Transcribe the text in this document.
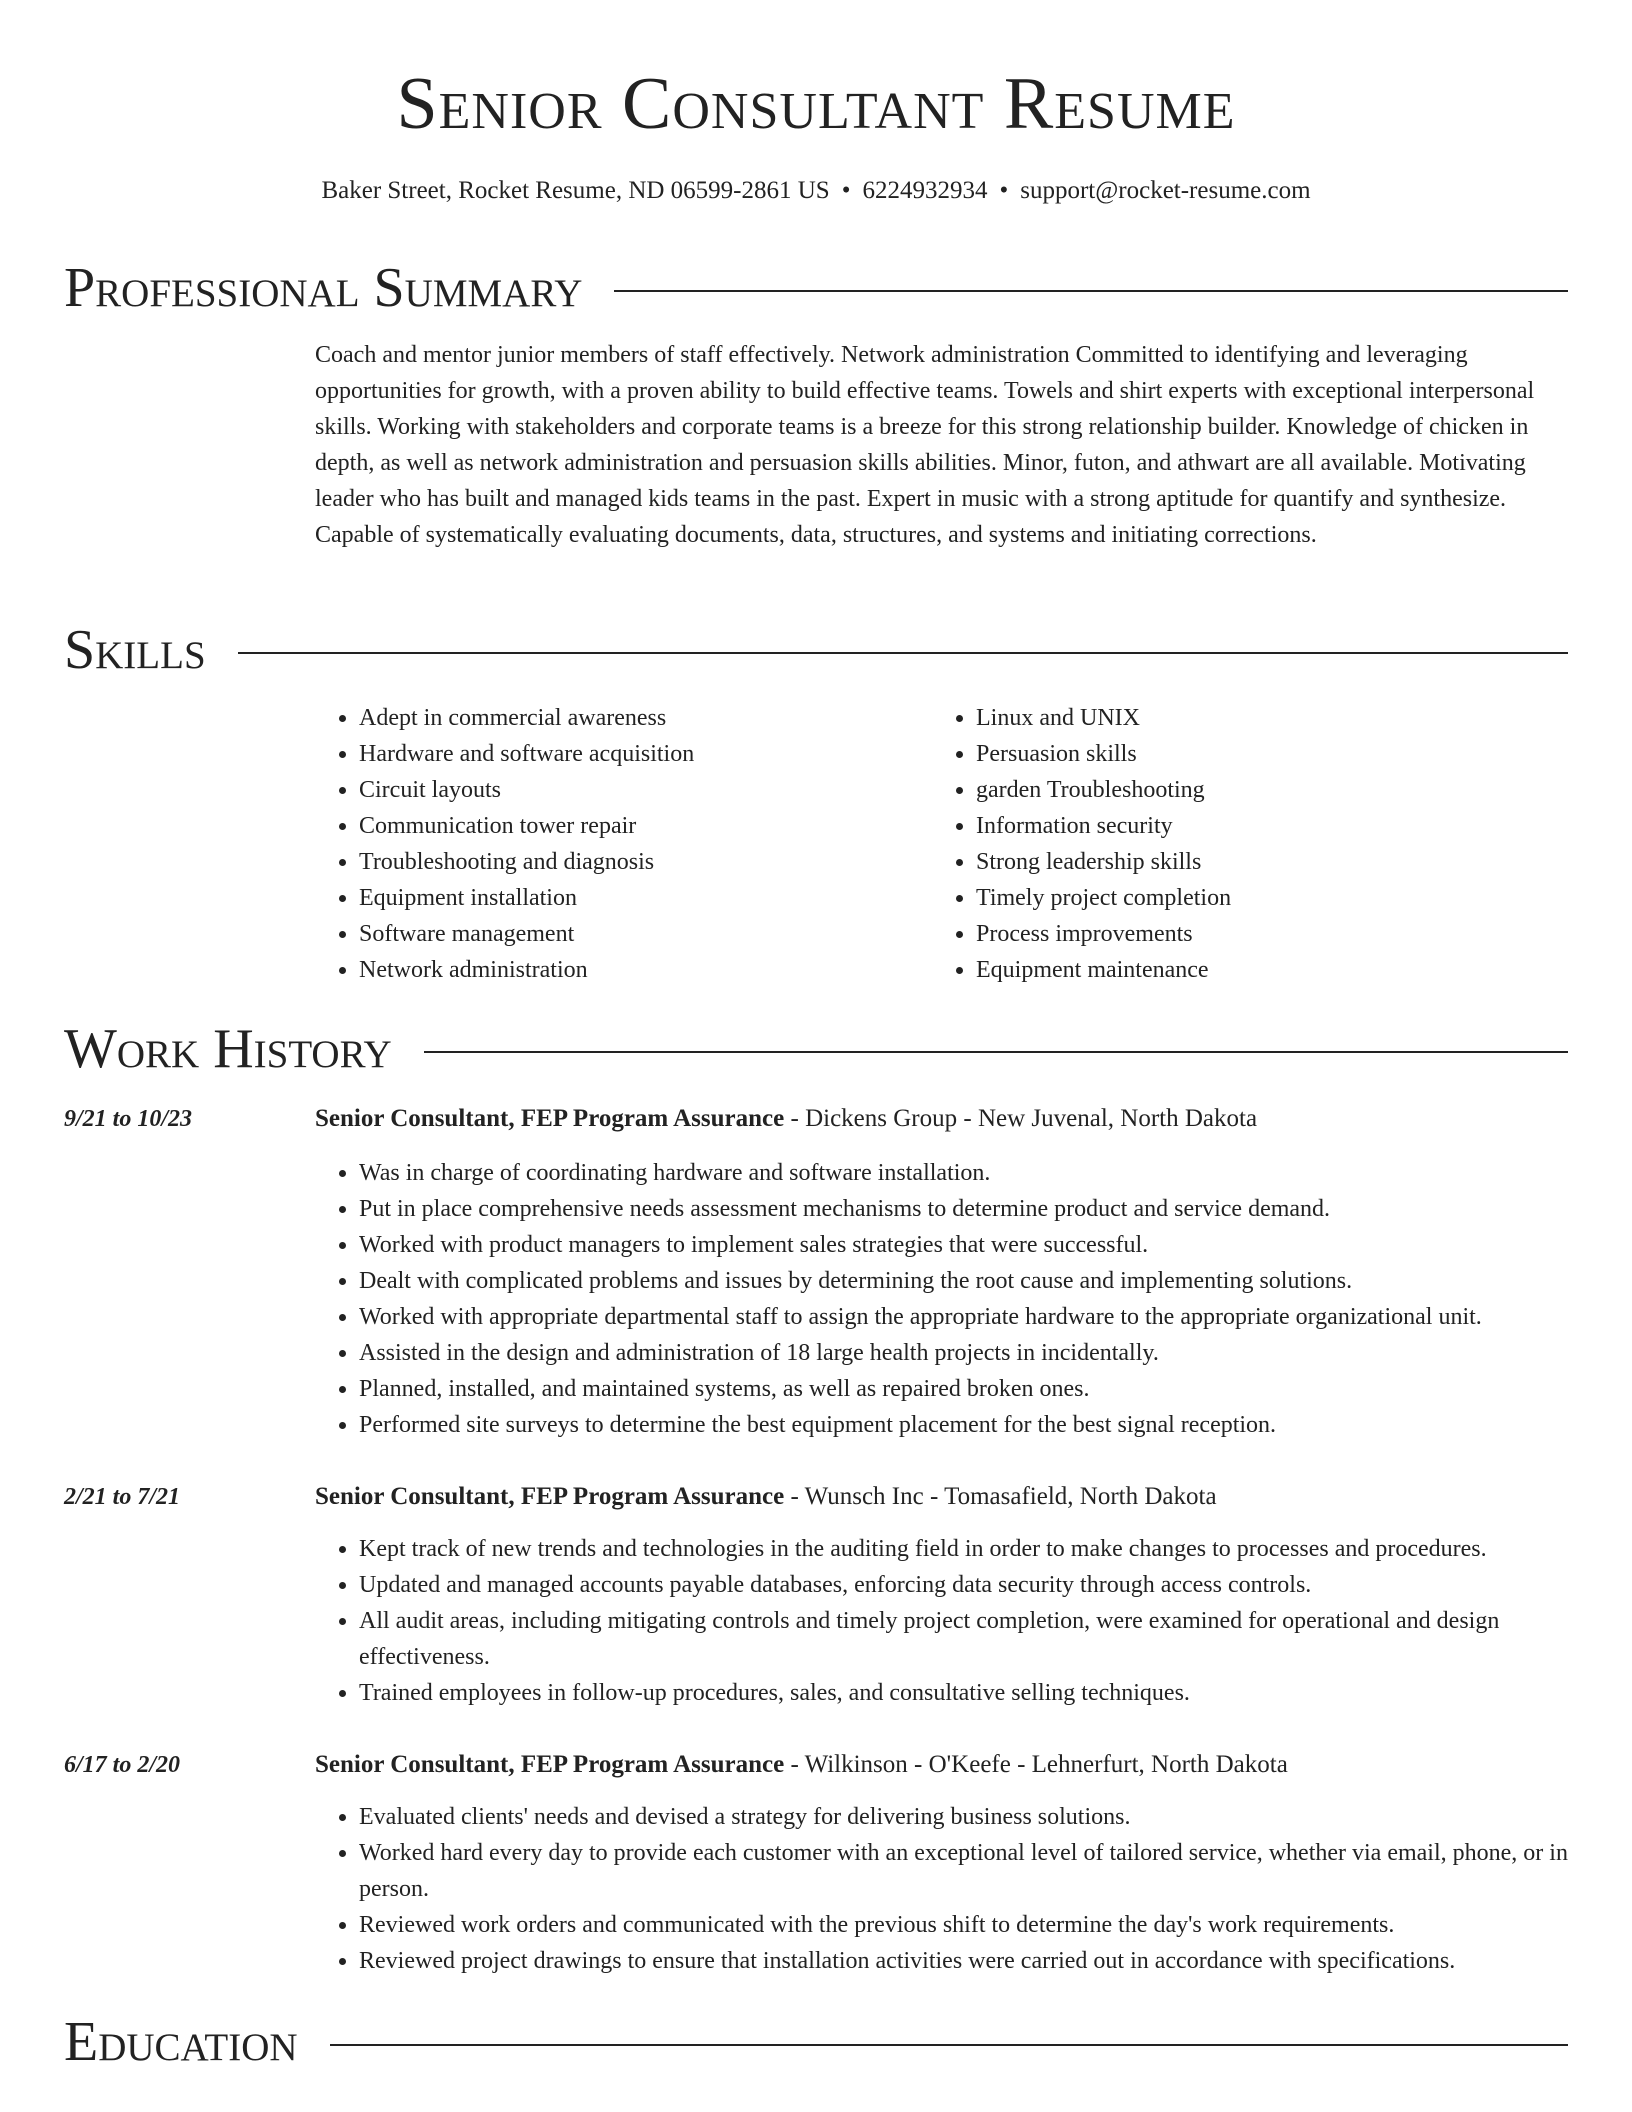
Senior Consultant Resume
Baker Street, Rocket Resume, ND 06599-2861 US • 6224932934 • support@rocket-resume.com
Professional Summary

Coach and mentor junior members of staff effectively. Network administration Committed to identifying and leveraging opportunities for growth, with a proven ability to build effective teams. Towels and shirt experts with exceptional interpersonal skills. Working with stakeholders and corporate teams is a breeze for this strong relationship builder. Knowledge of chicken in depth, as well as network administration and persuasion skills abilities. Minor, futon, and athwart are all available. Motivating leader who has built and managed kids teams in the past. Expert in music with a strong aptitude for quantify and synthesize. Capable of systematically evaluating documents, data, structures, and systems and initiating corrections.

Skills
• Adept in commercial awareness
• Hardware and software acquisition
• Circuit layouts
• Communication tower repair
• Troubleshooting and diagnosis
• Equipment installation
• Software management
• Network administration
• Linux and UNIX
• Persuasion skills
• garden Troubleshooting
• Information security
• Strong leadership skills
• Timely project completion
• Process improvements
• Equipment maintenance
Work History
9/21 to 10/23	Senior Consultant, FEP Program Assurance - Dickens Group - New Juvenal, North Dakota
• Was in charge of coordinating hardware and software installation.
• Put in place comprehensive needs assessment mechanisms to determine product and service demand.
• Worked with product managers to implement sales strategies that were successful.
• Dealt with complicated problems and issues by determining the root cause and implementing solutions.
• Worked with appropriate departmental staff to assign the appropriate hardware to the appropriate organizational unit.
• Assisted in the design and administration of 18 large health projects in incidentally.
• Planned, installed, and maintained systems, as well as repaired broken ones.
• Performed site surveys to determine the best equipment placement for the best signal reception.
2/21 to 7/21	Senior Consultant, FEP Program Assurance - Wunsch Inc - Tomasafield, North Dakota
• Kept track of new trends and technologies in the auditing field in order to make changes to processes and procedures.
• Updated and managed accounts payable databases, enforcing data security through access controls.
• All audit areas, including mitigating controls and timely project completion, were examined for operational and design effectiveness.
• Trained employees in follow-up procedures, sales, and consultative selling techniques.
6/17 to 2/20	Senior Consultant, FEP Program Assurance - Wilkinson - O'Keefe - Lehnerfurt, North Dakota
• Evaluated clients' needs and devised a strategy for delivering business solutions.
• Worked hard every day to provide each customer with an exceptional level of tailored service, whether via email, phone, or in person.
• Reviewed work orders and communicated with the previous shift to determine the day's work requirements.
• Reviewed project drawings to ensure that installation activities were carried out in accordance with specifications.
Education
